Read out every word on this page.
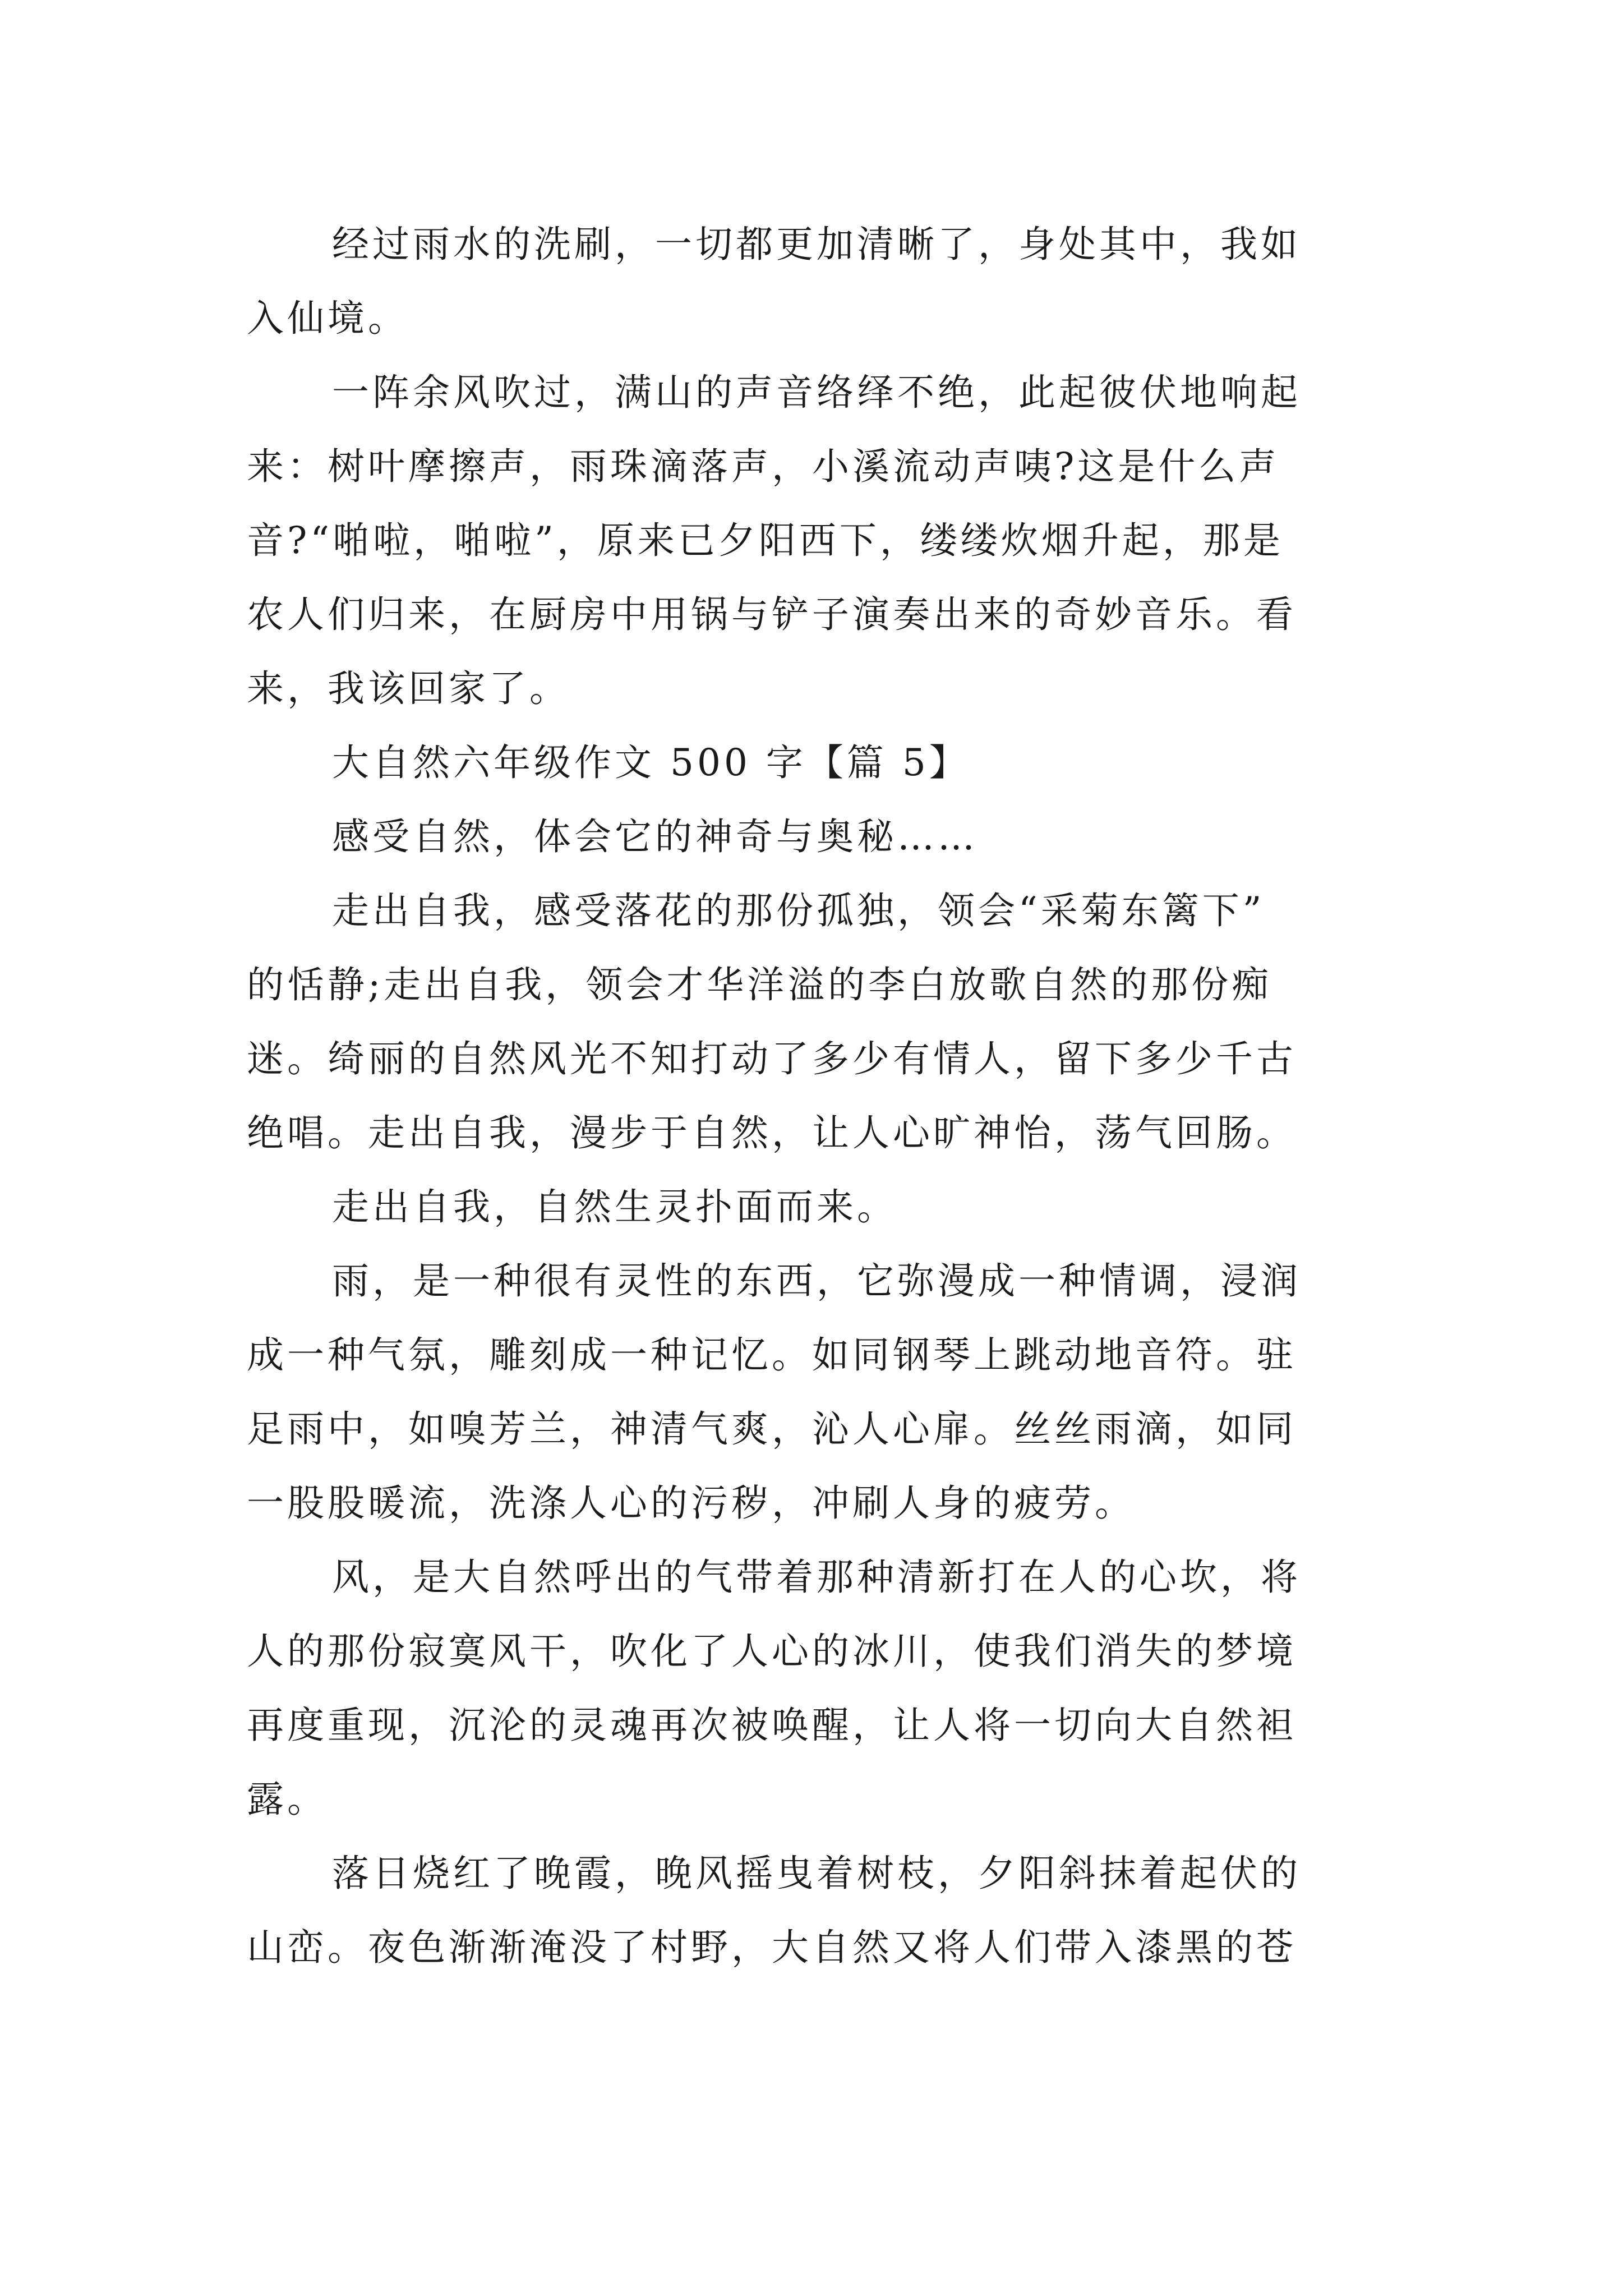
经过雨水的洗刷，一切都更加清晰了，身处其中，我如
入仙境。
一阵余风吹过，满山的声音络绎不绝，此起彼伏地响起
来：树叶摩擦声，雨珠滴落声，小溪流动声咦?这是什么声
音?“啪啦，啪啦”，原来已夕阳西下，缕缕炊烟升起，那是
农人们归来，在厨房中用锅与铲子演奏出来的奇妙音乐。看
来，我该回家了。
大自然六年级作文 500 字【篇 5】
感受自然，体会它的神奇与奥秘……
走出自我，感受落花的那份孤独，领会“采菊东篱下”
的恬静;走出自我，领会才华洋溢的李白放歌自然的那份痴
迷。绮丽的自然风光不知打动了多少有情人，留下多少千古
绝唱。走出自我，漫步于自然，让人心旷神怡，荡气回肠。
走出自我，自然生灵扑面而来。
雨，是一种很有灵性的东西，它弥漫成一种情调，浸润
成一种气氛，雕刻成一种记忆。如同钢琴上跳动地音符。驻
足雨中，如嗅芳兰，神清气爽，沁人心扉。丝丝雨滴，如同
一股股暖流，洗涤人心的污秽，冲刷人身的疲劳。
风，是大自然呼出的气带着那种清新打在人的心坎，将
人的那份寂寞风干，吹化了人心的冰川，使我们消失的梦境
再度重现，沉沦的灵魂再次被唤醒，让人将一切向大自然袒
露。
落日烧红了晚霞，晚风摇曳着树枝，夕阳斜抹着起伏的
山峦。夜色渐渐淹没了村野，大自然又将人们带入漆黑的苍
